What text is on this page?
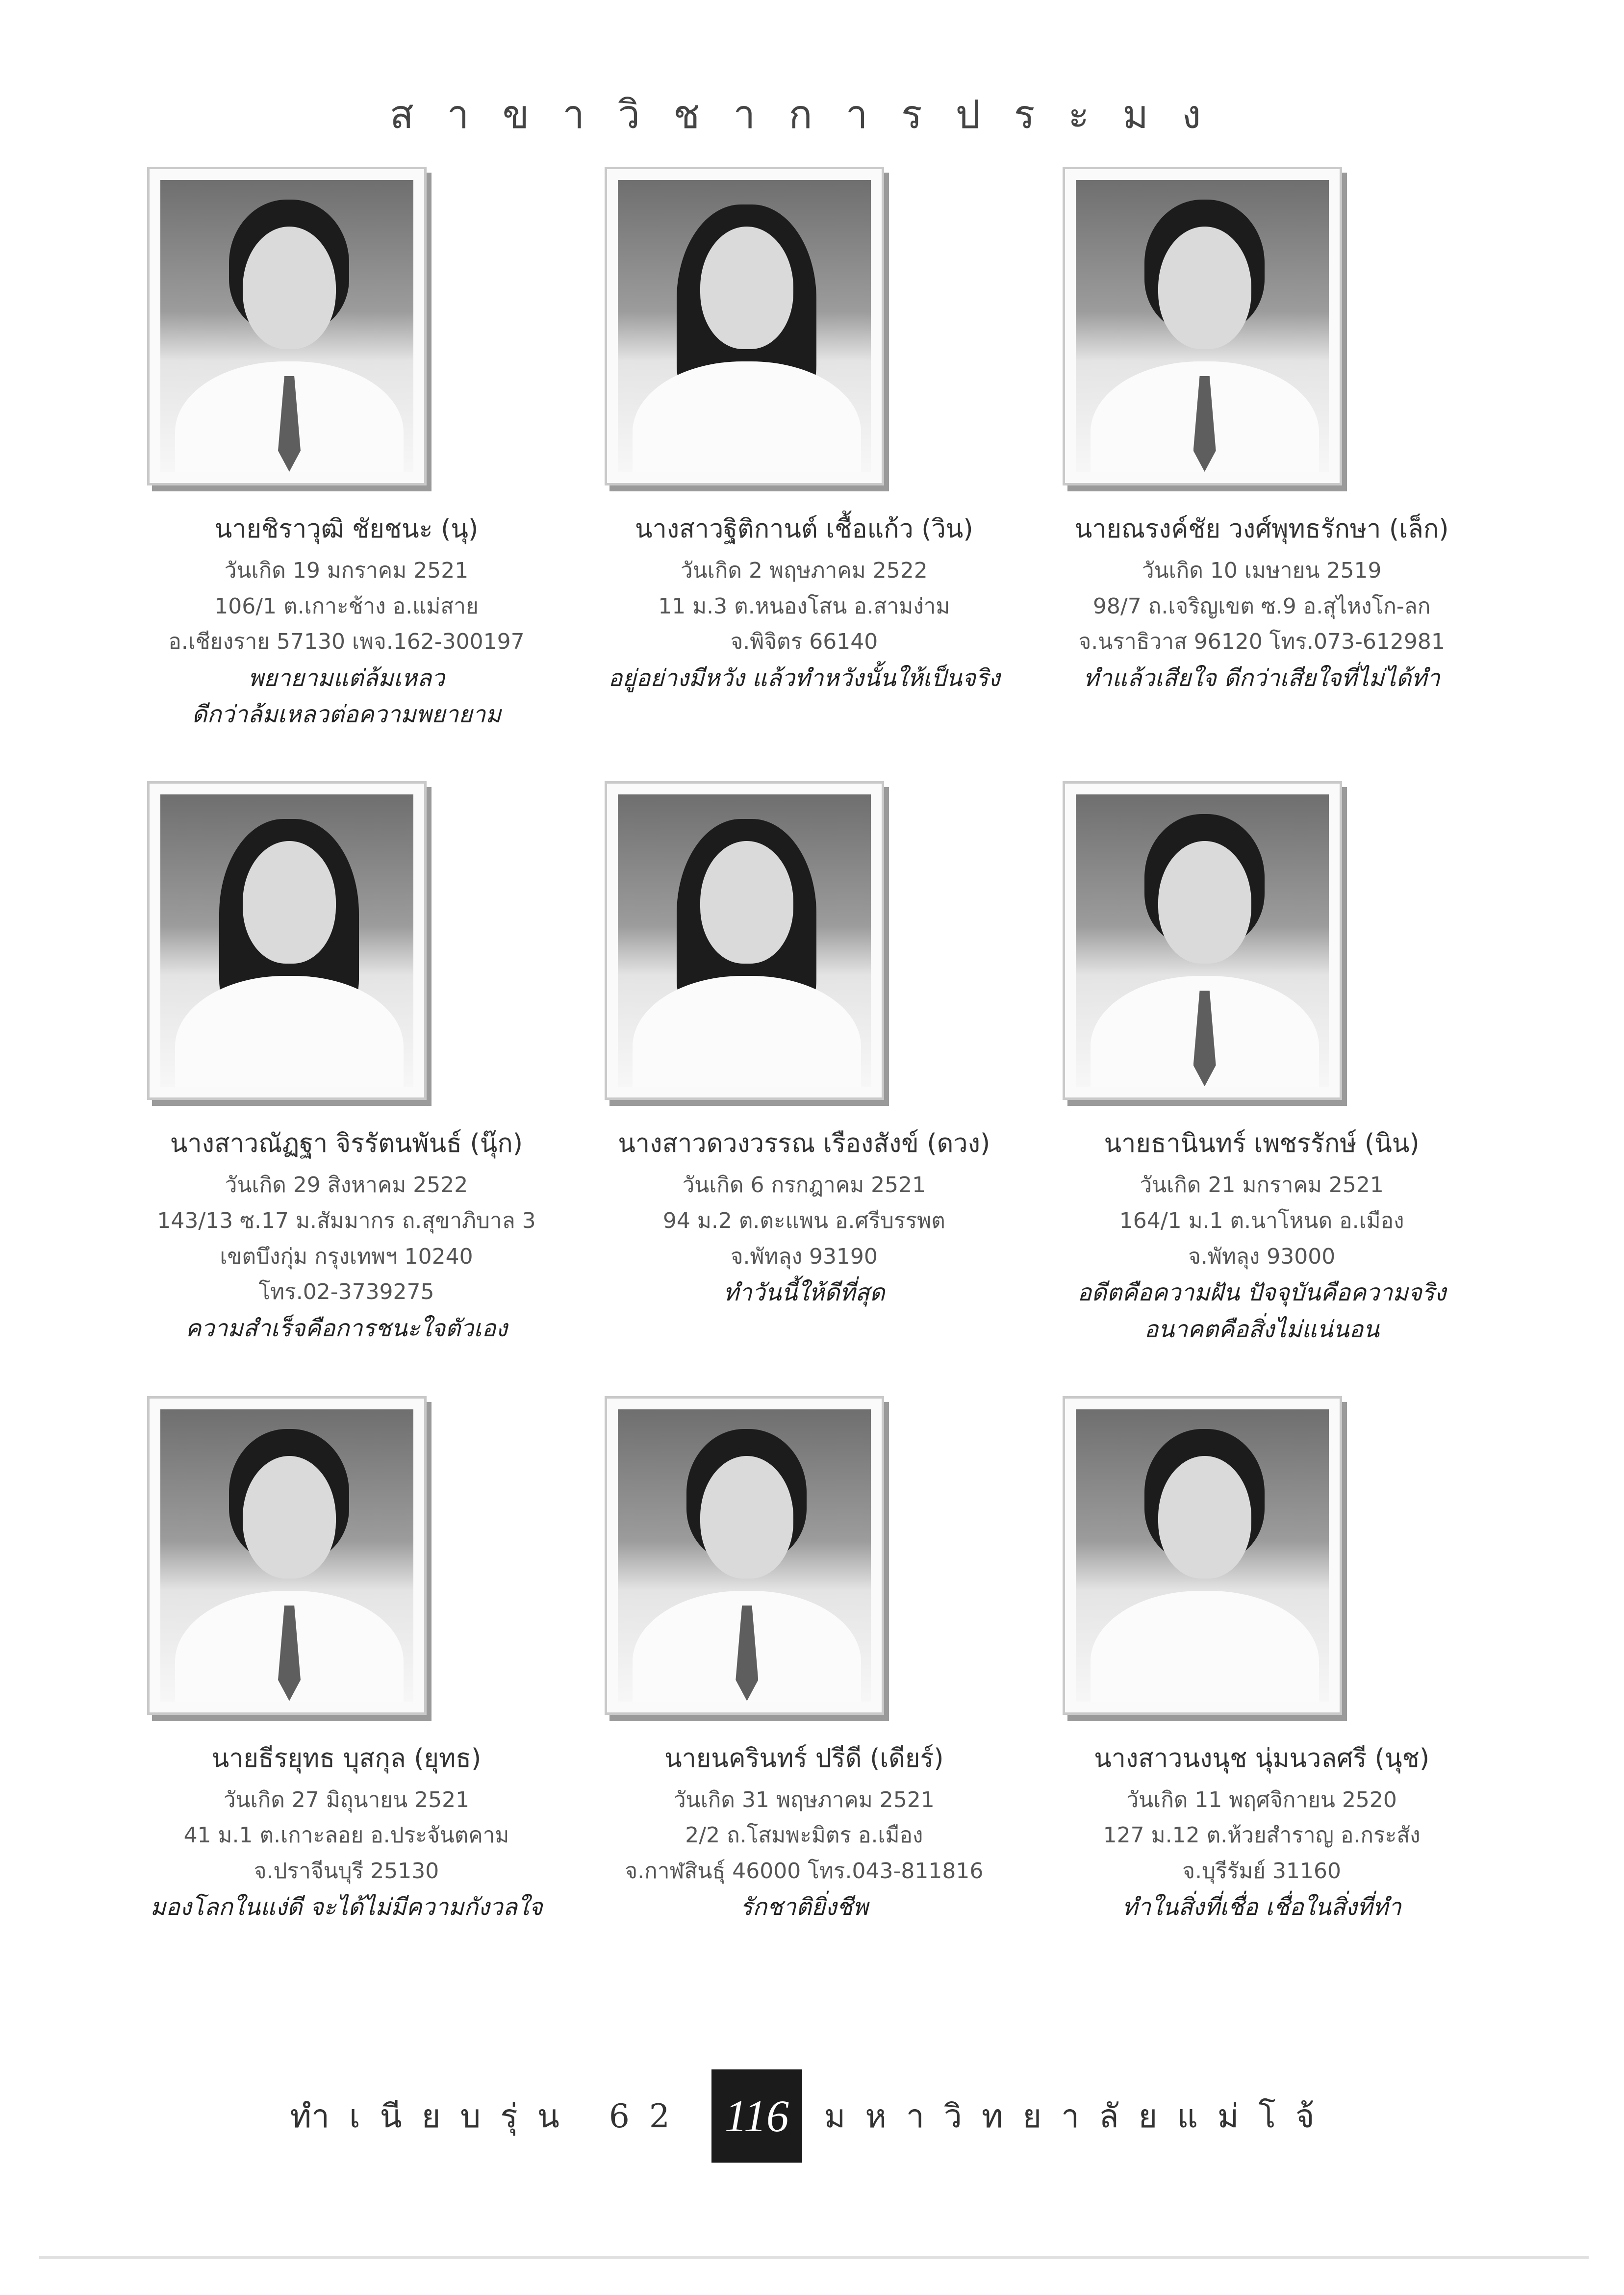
สาขาวิชาการประมง
นายชิราวุฒิ ชัยชนะ (นุ)
วันเกิด 19 มกราคม 2521
106/1 ต.เกาะช้าง อ.แม่สาย
อ.เชียงราย 57130 เพจ.162-300197
พยายามแต่ล้มเหลว
ดีกว่าล้มเหลวต่อความพยายาม
นางสาวฐิติกานต์ เชื้อแก้ว (วิน)
วันเกิด 2 พฤษภาคม 2522
11 ม.3 ต.หนองโสน อ.สามง่าม
จ.พิจิตร 66140
อยู่อย่างมีหวัง แล้วทำหวังนั้นให้เป็นจริง
นายณรงค์ชัย วงศ์พุทธรักษา (เล็ก)
วันเกิด 10 เมษายน 2519
98/7 ถ.เจริญเขต ซ.9 อ.สุไหงโก-ลก
จ.นราธิวาส 96120 โทร.073-612981
ทำแล้วเสียใจ ดีกว่าเสียใจที่ไม่ได้ทำ
นางสาวณัฏฐา จิรรัตนพันธ์ (นุ๊ก)
วันเกิด 29 สิงหาคม 2522
143/13 ซ.17 ม.สัมมากร ถ.สุขาภิบาล 3
เขตบึงกุ่ม กรุงเทพฯ 10240
โทร.02-3739275
ความสำเร็จคือการชนะใจตัวเอง
นางสาวดวงวรรณ เรืองสังข์ (ดวง)
วันเกิด 6 กรกฎาคม 2521
94 ม.2 ต.ตะแพน อ.ศรีบรรพต
จ.พัทลุง 93190
ทำวันนี้ให้ดีที่สุด
นายธานินทร์ เพชรรักษ์ (นิน)
วันเกิด 21 มกราคม 2521
164/1 ม.1 ต.นาโหนด อ.เมือง
จ.พัทลุง 93000
อดีตคือความฝัน ปัจจุบันคือความจริง
อนาคตคือสิ่งไม่แน่นอน
นายธีรยุทธ บุสกุล (ยุทธ)
วันเกิด 27 มิถุนายน 2521
41 ม.1 ต.เกาะลอย อ.ประจันตคาม
จ.ปราจีนบุรี 25130
มองโลกในแง่ดี จะได้ไม่มีความกังวลใจ
นายนครินทร์ ปรีดี (เดียร์)
วันเกิด 31 พฤษภาคม 2521
2/2 ถ.โสมพะมิตร อ.เมือง
จ.กาฬสินธุ์ 46000 โทร.043-811816
รักชาติยิ่งชีพ
นางสาวนงนุช นุ่มนวลศรี (นุช)
วันเกิด 11 พฤศจิกายน 2520
127 ม.12 ต.ห้วยสำราญ อ.กระสัง
จ.บุรีรัมย์ 31160
ทำในสิ่งที่เชื่อ เชื่อในสิ่งที่ทำ
ทำเนียบรุ่น 62 116	มหาวิทยาลัยแม่โจ้
